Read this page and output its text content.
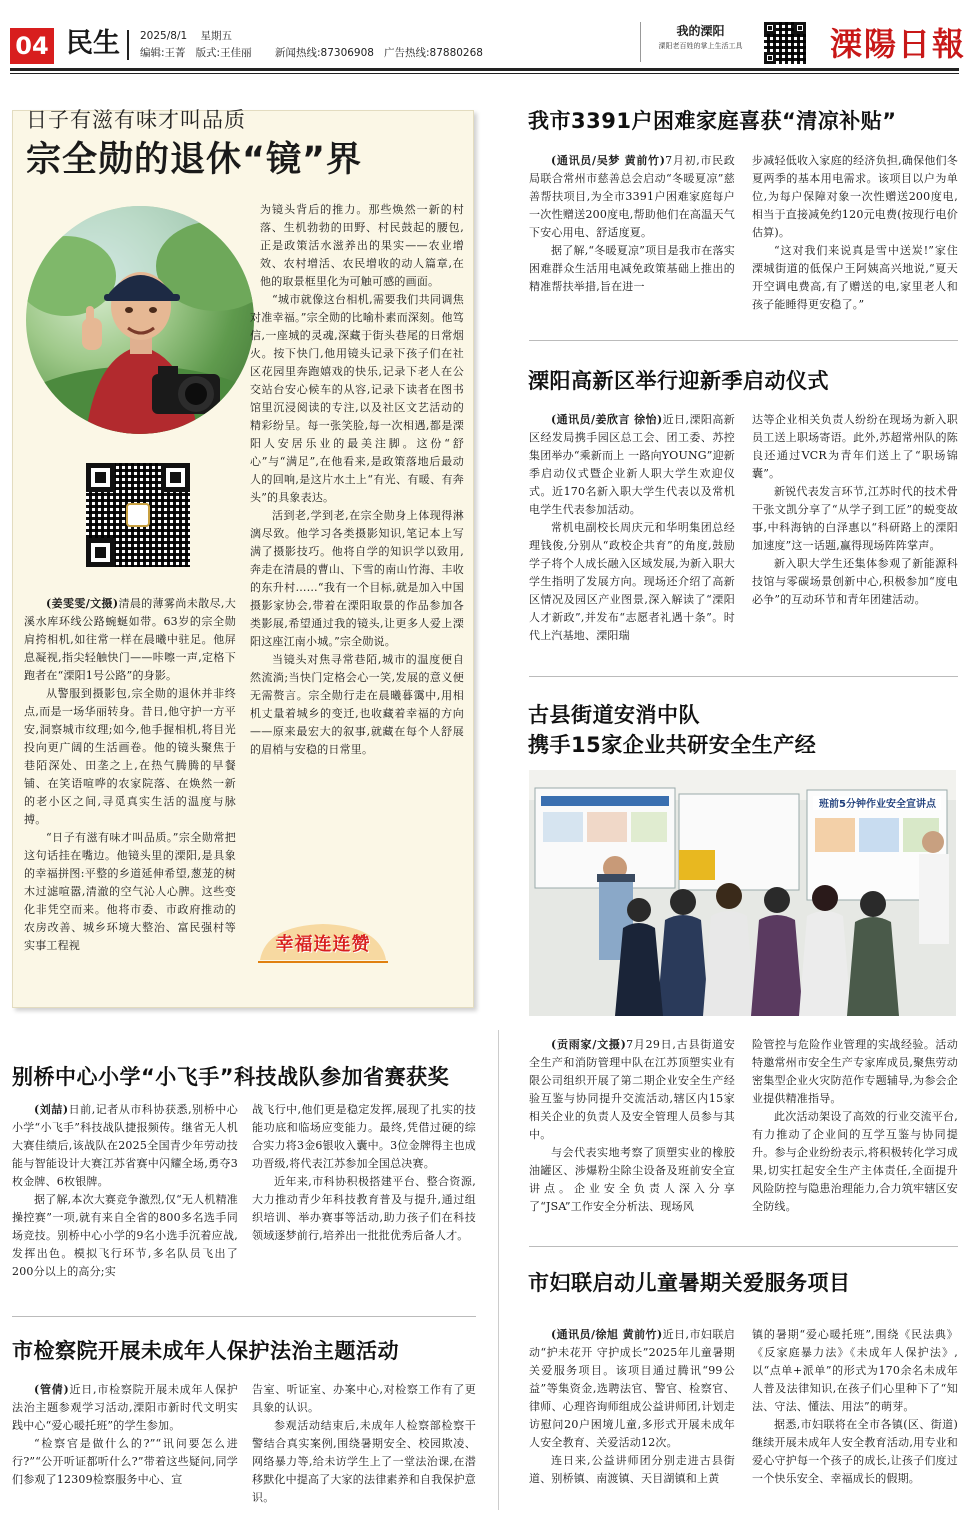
04 民生 2025/8/1 星期五
编辑:王菁 版式:王佳丽 新闻热线:87306908 广告热线:87880268
我的溧阳
溧阳老百姓的掌上生活工具	溧陽日報
日子有滋有味才叫品质
宗全勋的退休“镜”界

(姜雯雯/文摄)清晨的薄雾尚未散尽,大溪水库环线公路蜿蜒如带。63岁的宗全勋肩挎相机,如往常一样在晨曦中驻足。他屏息凝视,指尖轻触快门——咔嚓一声,定格下跑者在“溧阳1号公路”的身影。

从警服到摄影包,宗全勋的退休并非终点,而是一场华丽转身。昔日,他守护一方平安,洞察城市纹理;如今,他手握相机,将目光投向更广阔的生活画卷。他的镜头聚焦于巷陌深处、田垄之上,在热气腾腾的早餐铺、在笑语喧哗的农家院落、在焕然一新的老小区之间,寻觅真实生活的温度与脉搏。

“日子有滋有味才叫品质。”宗全勋常把这句话挂在嘴边。他镜头里的溧阳,是具象的幸福拼图:平整的乡道延伸希望,葱茏的树木过滤喧嚣,清澈的空气沁人心脾。这些变化非凭空而来。他将市委、市政府推动的农房改善、城乡环境大整治、富民强村等实事工程视

为镜头背后的推力。那些焕然一新的村落、生机勃勃的田野、村民鼓起的腰包,正是政策活水滋养出的果实——农业增效、农村增活、农民增收的动人篇章,在他的取景框里化为可触可感的画面。

“城市就像这台相机,需要我们共同调焦对准幸福。”宗全勋的比喻朴素而深刻。他笃信,一座城的灵魂,深藏于街头巷尾的日常烟火。按下快门,他用镜头记录下孩子们在社区花园里奔跑嬉戏的快乐,记录下老人在公交站台安心候车的从容,记录下读者在图书馆里沉浸阅读的专注,以及社区文艺活动的精彩纷呈。每一张笑脸,每一次相遇,都是溧阳人安居乐业的最美注脚。这份“舒心”与“满足”,在他看来,是政策落地后最动人的回响,是这片水土上“有光、有暖、有奔头”的具象表达。

活到老,学到老,在宗全勋身上体现得淋漓尽致。他学习各类摄影知识,笔记本上写满了摄影技巧。他将自学的知识学以致用,奔走在清晨的曹山、下雪的南山竹海、丰收的东升村……“我有一个目标,就是加入中国摄影家协会,带着在溧阳取景的作品参加各类影展,希望通过我的镜头,让更多人爱上溧阳这座江南小城。”宗全勋说。

当镜头对焦寻常巷陌,城市的温度便自然流淌;当快门定格会心一笑,发展的意义便无需赘言。宗全勋行走在晨曦暮霭中,用相机丈量着城乡的变迁,也收藏着幸福的方向——原来最宏大的叙事,就藏在每个人舒展的眉梢与安稳的日常里。

幸福连连赞
我市3391户困难家庭喜获“清凉补贴”

(通讯员/吴梦 黄前竹)7月初,市民政局联合常州市慈善总会启动“冬暖夏凉”慈善帮扶项目,为全市3391户困难家庭每户一次性赠送200度电,帮助他们在高温天气下安心用电、舒适度夏。

据了解,“冬暖夏凉”项目是我市在落实困难群众生活用电减免政策基础上推出的精准帮扶举措,旨在进一

步减轻低收入家庭的经济负担,确保他们冬夏两季的基本用电需求。该项目以户为单位,为每户保障对象一次性赠送200度电,相当于直接减免约120元电费(按现行电价估算)。

“这对我们来说真是雪中送炭!”家住溧城街道的低保户王阿姨高兴地说,“夏天开空调电费高,有了赠送的电,家里老人和孩子能睡得更安稳了。”

溧阳高新区举行迎新季启动仪式

(通讯员/姜欣言 徐怡)近日,溧阳高新区经发局携手园区总工会、团工委、苏控集团举办“乘新而上 一路向YOUNG”迎新季启动仪式暨企业新人职大学生欢迎仪式。近170名新入职大学生代表以及常机电学生代表参加活动。

常机电副校长周庆元和华明集团总经理钱俊,分别从“政校企共育”的角度,鼓励学子将个人成长融入区域发展,为新入职大学生指明了发展方向。现场还介绍了高新区情况及园区产业图景,深入解读了“溧阳人才新政”,并发布“志愿者礼遇十条”。时代上汽基地、溧阳瑞

达等企业相关负责人纷纷在现场为新入职员工送上职场寄语。此外,苏超常州队的陈良还通过VCR为青年们送上了“职场锦囊”。

新锐代表发言环节,江苏时代的技术骨干张文凯分享了“从学子到工匠”的蜕变故事,中科海钠的白泽惠以“科研路上的溧阳加速度”这一话题,赢得现场阵阵掌声。

新入职大学生还集体参观了新能源科技馆与零碳场景创新中心,积极参加“度电必争”的互动环节和青年团建活动。

古县街道安消中队
携手15家企业共研安全生产经
班前5分钟作业安全宣讲点

(贡雨家/文摄)7月29日,古县街道安全生产和消防管理中队在江苏顶塑实业有限公司组织开展了第二期企业安全生产经验互鉴与协同提升交流活动,辖区内15家相关企业的负责人及安全管理人员参与其中。

与会代表实地考察了顶塑实业的橡胶油罐区、涉爆粉尘除尘设备及班前安全宣讲点。企业安全负责人深入分享了“JSA”工作安全分析法、现场风

险管控与危险作业管理的实战经验。活动特邀常州市安全生产专家库成员,聚焦劳动密集型企业火灾防范作专题辅导,为参会企业提供精准指导。

此次活动架设了高效的行业交流平台,有力推动了企业间的互学互鉴与协同提升。参与企业纷纷表示,将积极转化学习成果,切实扛起安全生产主体责任,全面提升风险防控与隐患治理能力,合力筑牢辖区安全防线。

市妇联启动儿童暑期关爱服务项目

(通讯员/徐旭 黄前竹)近日,市妇联启动“护未花开 守护成长”2025年儿童暑期关爱服务项目。该项目通过腾讯“99公益”等集资金,选聘法官、警官、检察官、律师、心理咨询师组成公益讲师团,计划走访慰问20户困境儿童,多形式开展未成年人安全教育、关爱活动12次。

连日来,公益讲师团分别走进古县街道、别桥镇、南渡镇、天目湖镇和上黄

镇的暑期“爱心暖托班”,围绕《民法典》《反家庭暴力法》《未成年人保护法》,以“点单+派单”的形式为170余名未成年人普及法律知识,在孩子们心里种下了“知法、守法、懂法、用法”的萌芽。

据悉,市妇联将在全市各镇(区、街道)继续开展未成年人安全教育活动,用专业和爱心守护每一个孩子的成长,让孩子们度过一个快乐安全、幸福成长的假期。

别桥中心小学“小飞手”科技战队参加省赛获奖

(刘喆)日前,记者从市科协获悉,别桥中心小学“小飞手”科技战队捷报频传。继省无人机大赛佳绩后,该战队在2025全国青少年劳动技能与智能设计大赛江苏省赛中闪耀全场,勇夺3枚金牌、6枚银牌。

据了解,本次大赛竞争激烈,仅“无人机精准操控赛”一项,就有来自全省的800多名选手同场竞技。别桥中心小学的9名小选手沉着应战,发挥出色。模拟飞行环节,多名队员飞出了200分以上的高分;实

战飞行中,他们更是稳定发挥,展现了扎实的技能功底和临场应变能力。最终,凭借过硬的综合实力将3金6银收入囊中。3位金牌得主也成功晋级,将代表江苏参加全国总决赛。

近年来,市科协积极搭建平台、整合资源,大力推动青少年科技教育普及与提升,通过组织培训、举办赛事等活动,助力孩子们在科技领域逐梦前行,培养出一批批优秀后备人才。

市检察院开展未成年人保护法治主题活动

(管倩)近日,市检察院开展未成年人保护法治主题参观学习活动,溧阳市新时代文明实践中心“爱心暖托班”的学生参加。

“检察官是做什么的?”“讯问要怎么进行?”“公开听证都听什么?”带着这些疑问,同学们参观了12309检察服务中心、宣

告室、听证室、办案中心,对检察工作有了更具象的认识。

参观活动结束后,未成年人检察部检察干警结合真实案例,围绕暑期安全、校园欺凌、网络暴力等,给未访学生上了一堂法治课,在潜移默化中提高了大家的法律素养和自我保护意识。
